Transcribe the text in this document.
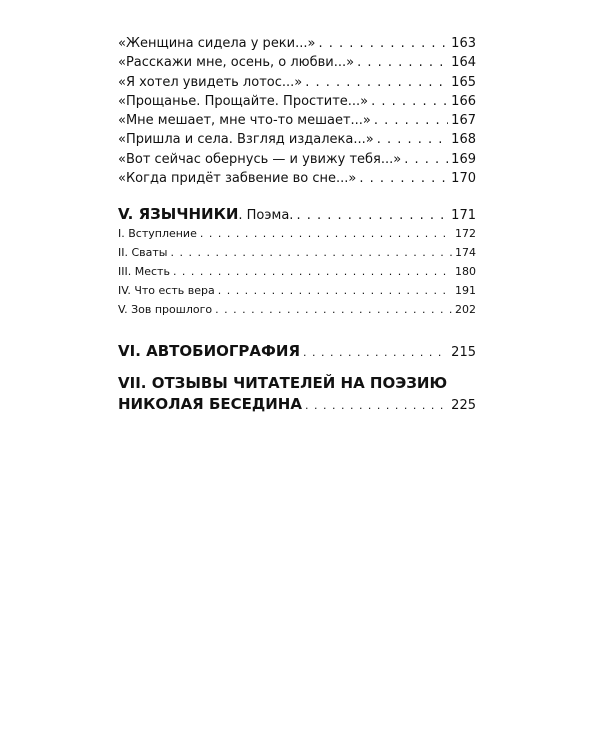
«Женщина сидела у реки...» . . .	163
«Расскажи мне, осень, о любви...» . . .	164
«Я хотел увидеть лотос...» . . .	165
«Прощанье. Прощайте. Простите...» . . .	166
«Мне мешает, мне что-то мешает...» . . .	167
«Пришла и села. Взгляд издалека...» . . .	168
«Вот сейчас обернусь — и увижу тебя...» . . .	169
«Когда придёт забвение во сне...» . . .	170
V. ЯЗЫЧНИКИ. Поэма. . . .	171
I. Вступление . . .	172
II. Сваты . . .	174
III. Месть . . .	180
IV. Что есть вера . . .	191
V. Зов прошлого . . .	202
VI. АВТОБИОГРАФИЯ . . .	215
VII. ОТЗЫВЫ ЧИТАТЕЛЕЙ НА ПОЭЗИЮ
НИКОЛАЯ БЕСЕДИНА . . .	225
